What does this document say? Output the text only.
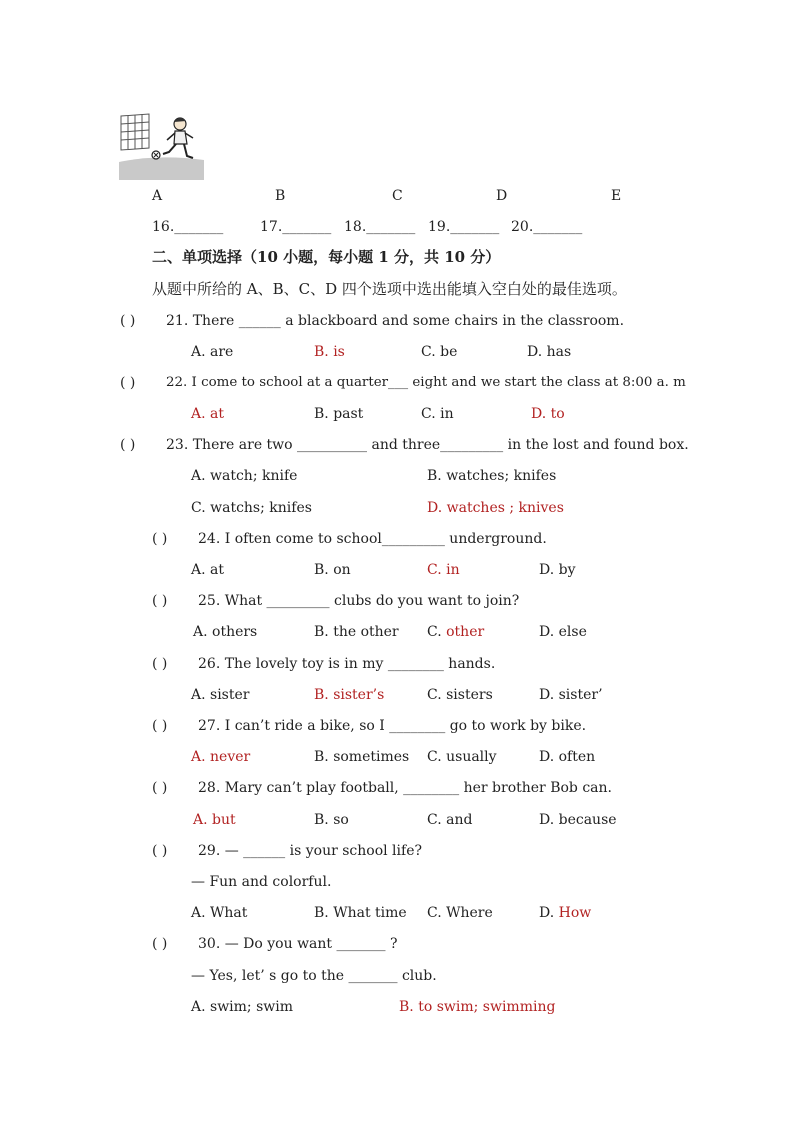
A	B	C	D	E
16._______	17._______ 18._______ 19._______ 20._______
二、单项选择（10 小题，每小题 1 分，共 10 分）
从题中所给的 A、B、C、D 四个选项中选出能填入空白处的最佳选项。
( ) 21. There ______ a blackboard and some chairs in the classroom.
A. are	B. is	C. be	D. has
( ) 22. I come to school at a quarter___ eight and we start the class at 8:00 a. m
A. at	B. past	C. in	D. to
( ) 23. There are two __________ and three_________ in the lost and found box.
A. watch; knife	B. watches; knifes
C. watchs; knifes	D. watches ; knives
( ) 24. I often come to school_________ underground.
A. at	B. on	C. in	D. by
( ) 25. What _________ clubs do you want to join?
A. others	B. the other C. other	D. else
( ) 26. The lovely toy is in my ________ hands.
A. sister	B. sister’s	C. sisters	D. sister’
( ) 27. I can’t ride a bike, so I ________ go to work by bike.
A. never	B. sometimes C. usually	D. often
( ) 28. Mary can’t play football, ________ her brother Bob can.
A. but	B. so	C. and	D. because
( ) 29. — ______ is your school life?
— Fun and colorful.
A. What	B. What time C. Where	D. How
( ) 30. — Do you want _______ ?
— Yes, let’ s go to the _______ club.
A. swim; swim	B. to swim; swimming
